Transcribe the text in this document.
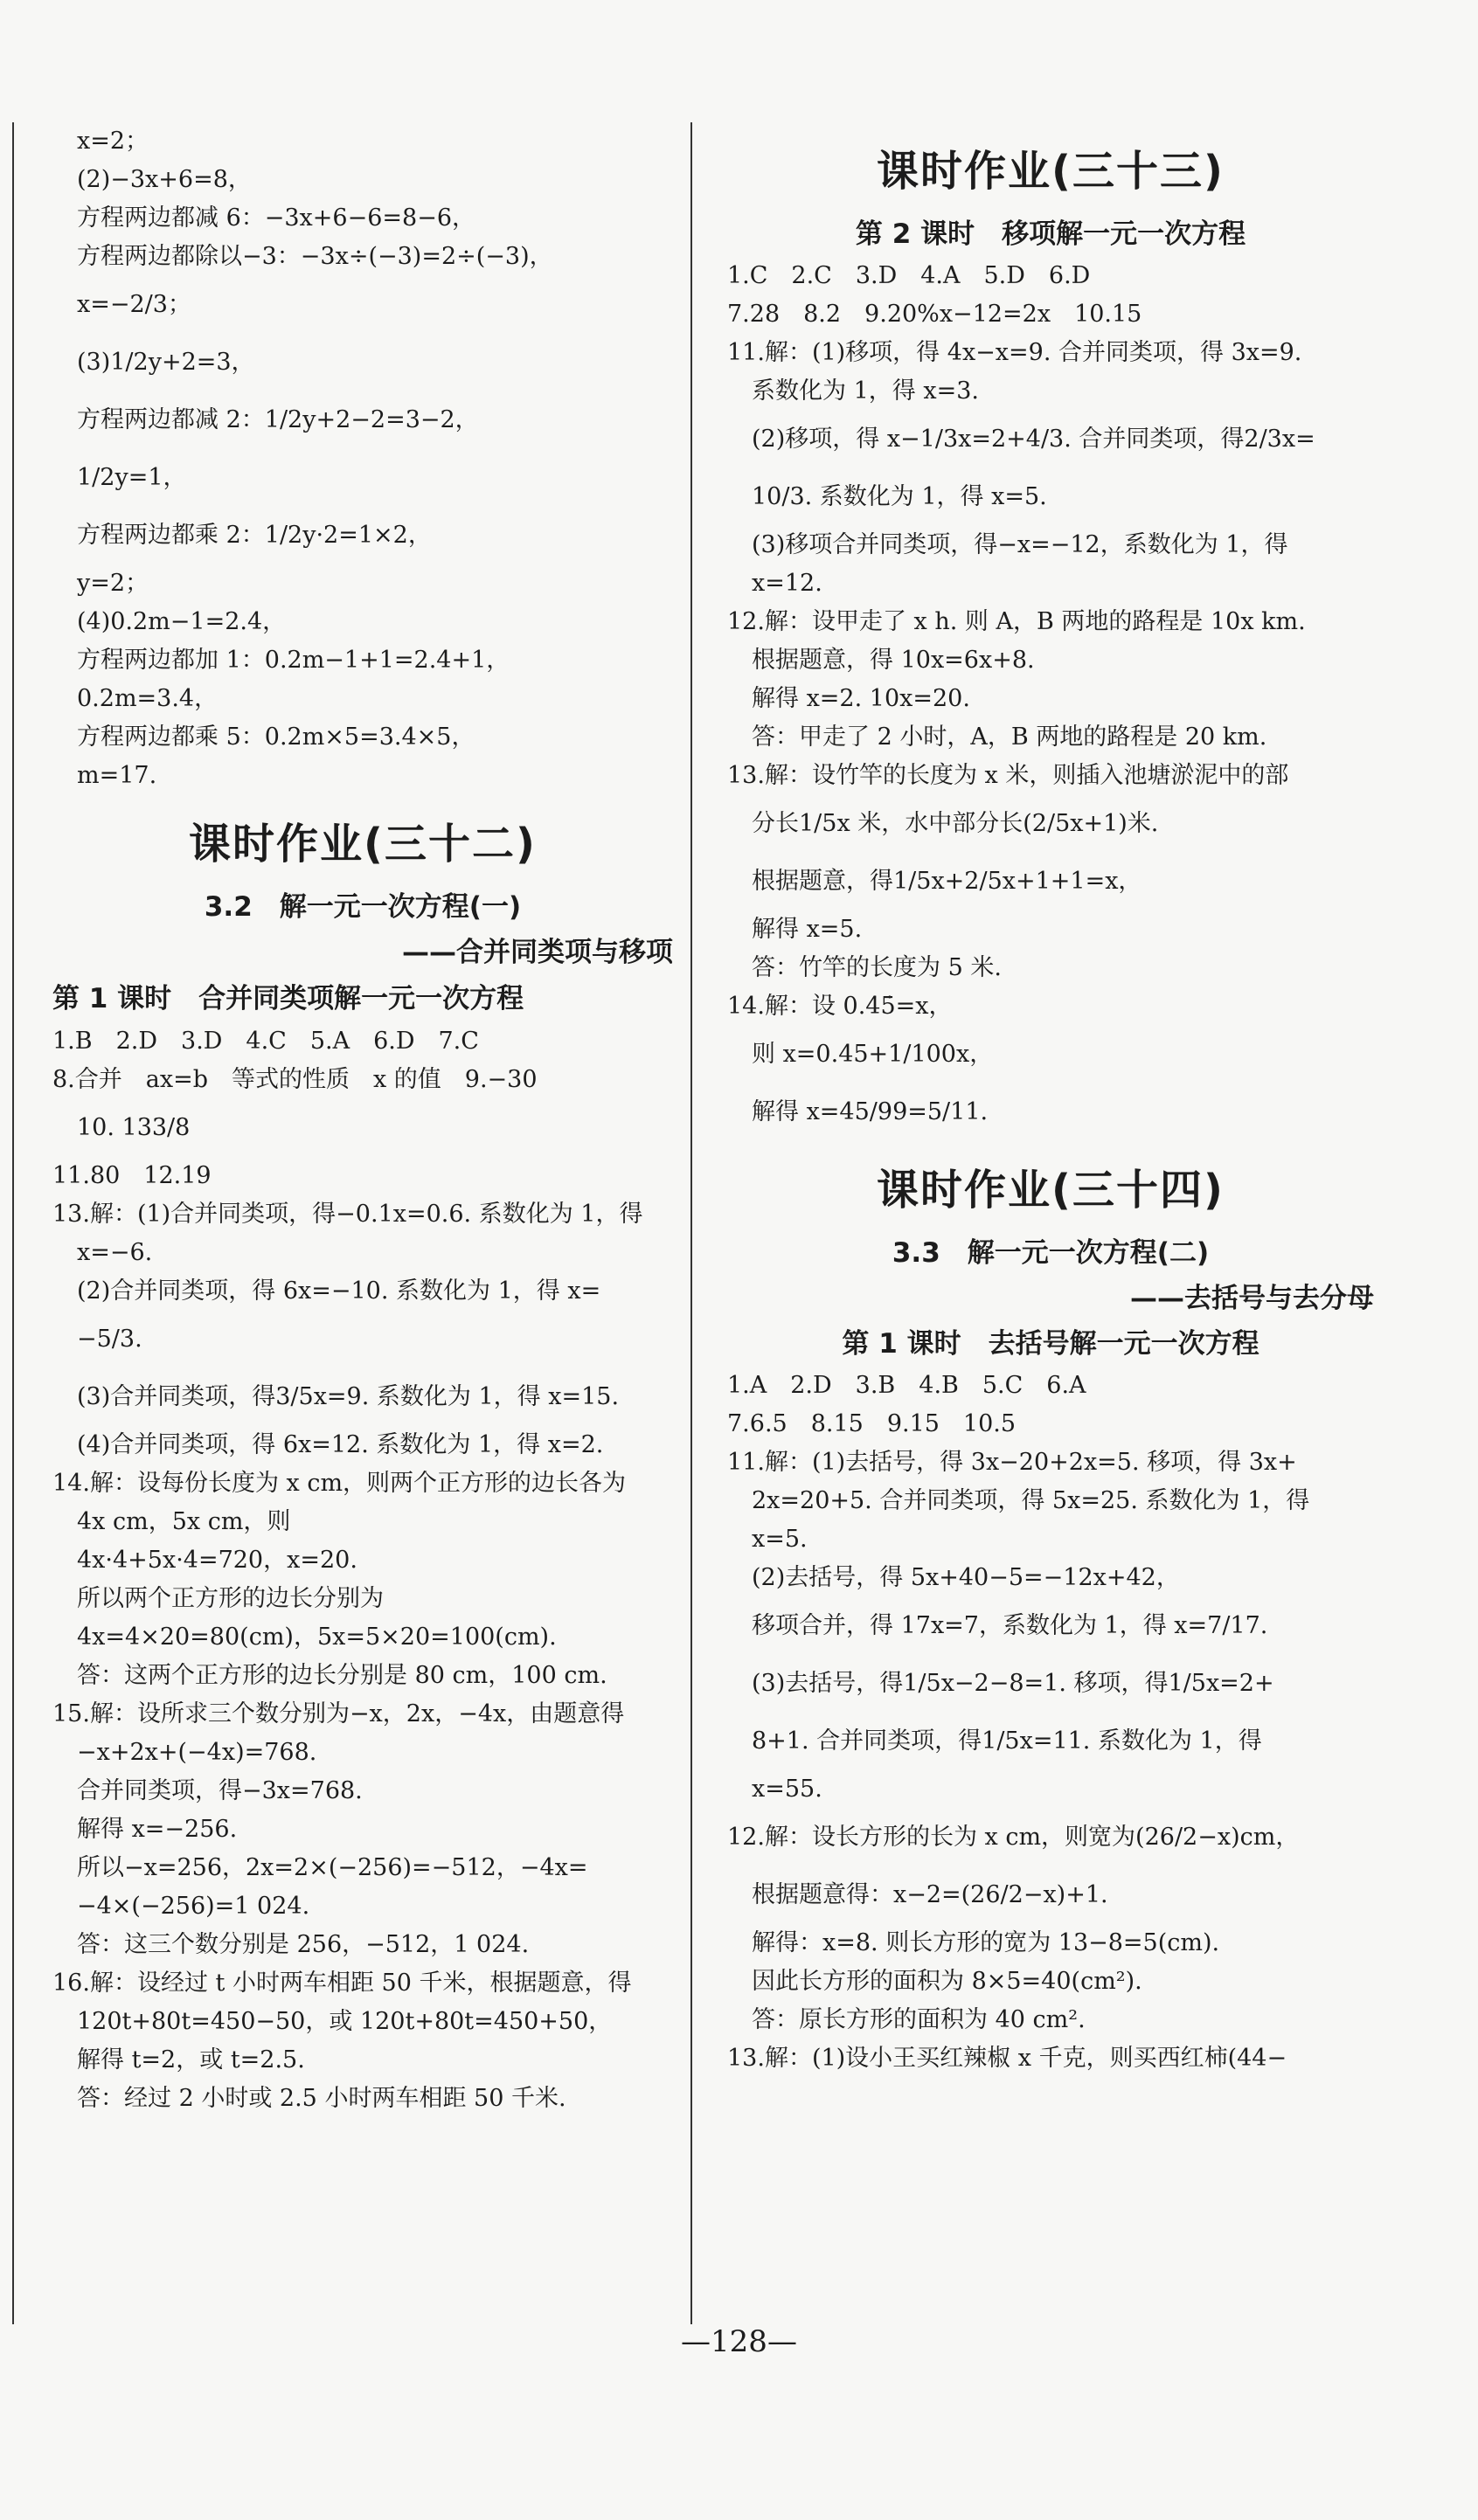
x=2；

(2)−3x+6=8，

方程两边都减 6：−3x+6−6=8−6，

方程两边都除以−3：−3x÷(−3)=2÷(−3)，

x=−2/3；

(3)1/2y+2=3，

方程两边都减 2：1/2y+2−2=3−2，

1/2y=1，

方程两边都乘 2：1/2y·2=1×2，

y=2；

(4)0.2m−1=2.4，

方程两边都加 1：0.2m−1+1=2.4+1，

0.2m=3.4，

方程两边都乘 5：0.2m×5=3.4×5，

m=17.

课时作业(三十二)

3.2　解一元一次方程(一)

——合并同类项与移项

第 1 课时　合并同类项解一元一次方程

1.B　2.D　3.D　4.C　5.A　6.D　7.C

8.合并　ax=b　等式的性质　x 的值　9.−30

10. 133/8

11.80　12.19

13.解：(1)合并同类项，得−0.1x=0.6. 系数化为 1，得

x=−6.

(2)合并同类项，得 6x=−10. 系数化为 1，得 x=

−5/3.

(3)合并同类项，得3/5x=9. 系数化为 1，得 x=15.

(4)合并同类项，得 6x=12. 系数化为 1，得 x=2.

14.解：设每份长度为 x cm，则两个正方形的边长各为

4x cm，5x cm，则

4x·4+5x·4=720，x=20.

所以两个正方形的边长分别为

4x=4×20=80(cm)，5x=5×20=100(cm).

答：这两个正方形的边长分别是 80 cm，100 cm.

15.解：设所求三个数分别为−x，2x，−4x，由题意得

−x+2x+(−4x)=768.

合并同类项，得−3x=768.

解得 x=−256.

所以−x=256，2x=2×(−256)=−512，−4x=

−4×(−256)=1 024.

答：这三个数分别是 256，−512，1 024.

16.解：设经过 t 小时两车相距 50 千米，根据题意，得

120t+80t=450−50，或 120t+80t=450+50，

解得 t=2，或 t=2.5.

答：经过 2 小时或 2.5 小时两车相距 50 千米.

课时作业(三十三)

第 2 课时　移项解一元一次方程

1.C　2.C　3.D　4.A　5.D　6.D

7.28　8.2　9.20%x−12=2x　10.15

11.解：(1)移项，得 4x−x=9. 合并同类项，得 3x=9.

系数化为 1，得 x=3.

(2)移项，得 x−1/3x=2+4/3. 合并同类项，得2/3x=

10/3. 系数化为 1，得 x=5.

(3)移项合并同类项，得−x=−12，系数化为 1，得

x=12.

12.解：设甲走了 x h. 则 A，B 两地的路程是 10x km.

根据题意，得 10x=6x+8.

解得 x=2. 10x=20.

答：甲走了 2 小时，A，B 两地的路程是 20 km.

13.解：设竹竿的长度为 x 米，则插入池塘淤泥中的部

分长1/5x 米，水中部分长(2/5x+1)米.

根据题意，得1/5x+2/5x+1+1=x，

解得 x=5.

答：竹竿的长度为 5 米.

14.解：设 0.4̇5̇=x，

则 x=0.45+1/100x，

解得 x=45/99=5/11.

课时作业(三十四)

3.3　解一元一次方程(二)

——去括号与去分母

第 1 课时　去括号解一元一次方程

1.A　2.D　3.B　4.B　5.C　6.A

7.6.5　8.15　9.15　10.5

11.解：(1)去括号，得 3x−20+2x=5. 移项，得 3x+

2x=20+5. 合并同类项，得 5x=25. 系数化为 1，得

x=5.

(2)去括号，得 5x+40−5=−12x+42，

移项合并，得 17x=7，系数化为 1，得 x=7/17.

(3)去括号，得1/5x−2−8=1. 移项，得1/5x=2+

8+1. 合并同类项，得1/5x=11. 系数化为 1，得

x=55.

12.解：设长方形的长为 x cm，则宽为(26/2−x)cm，

根据题意得：x−2=(26/2−x)+1.

解得：x=8. 则长方形的宽为 13−8=5(cm).

因此长方形的面积为 8×5=40(cm²).

答：原长方形的面积为 40 cm².

13.解：(1)设小王买红辣椒 x 千克，则买西红柿(44−

—128—
